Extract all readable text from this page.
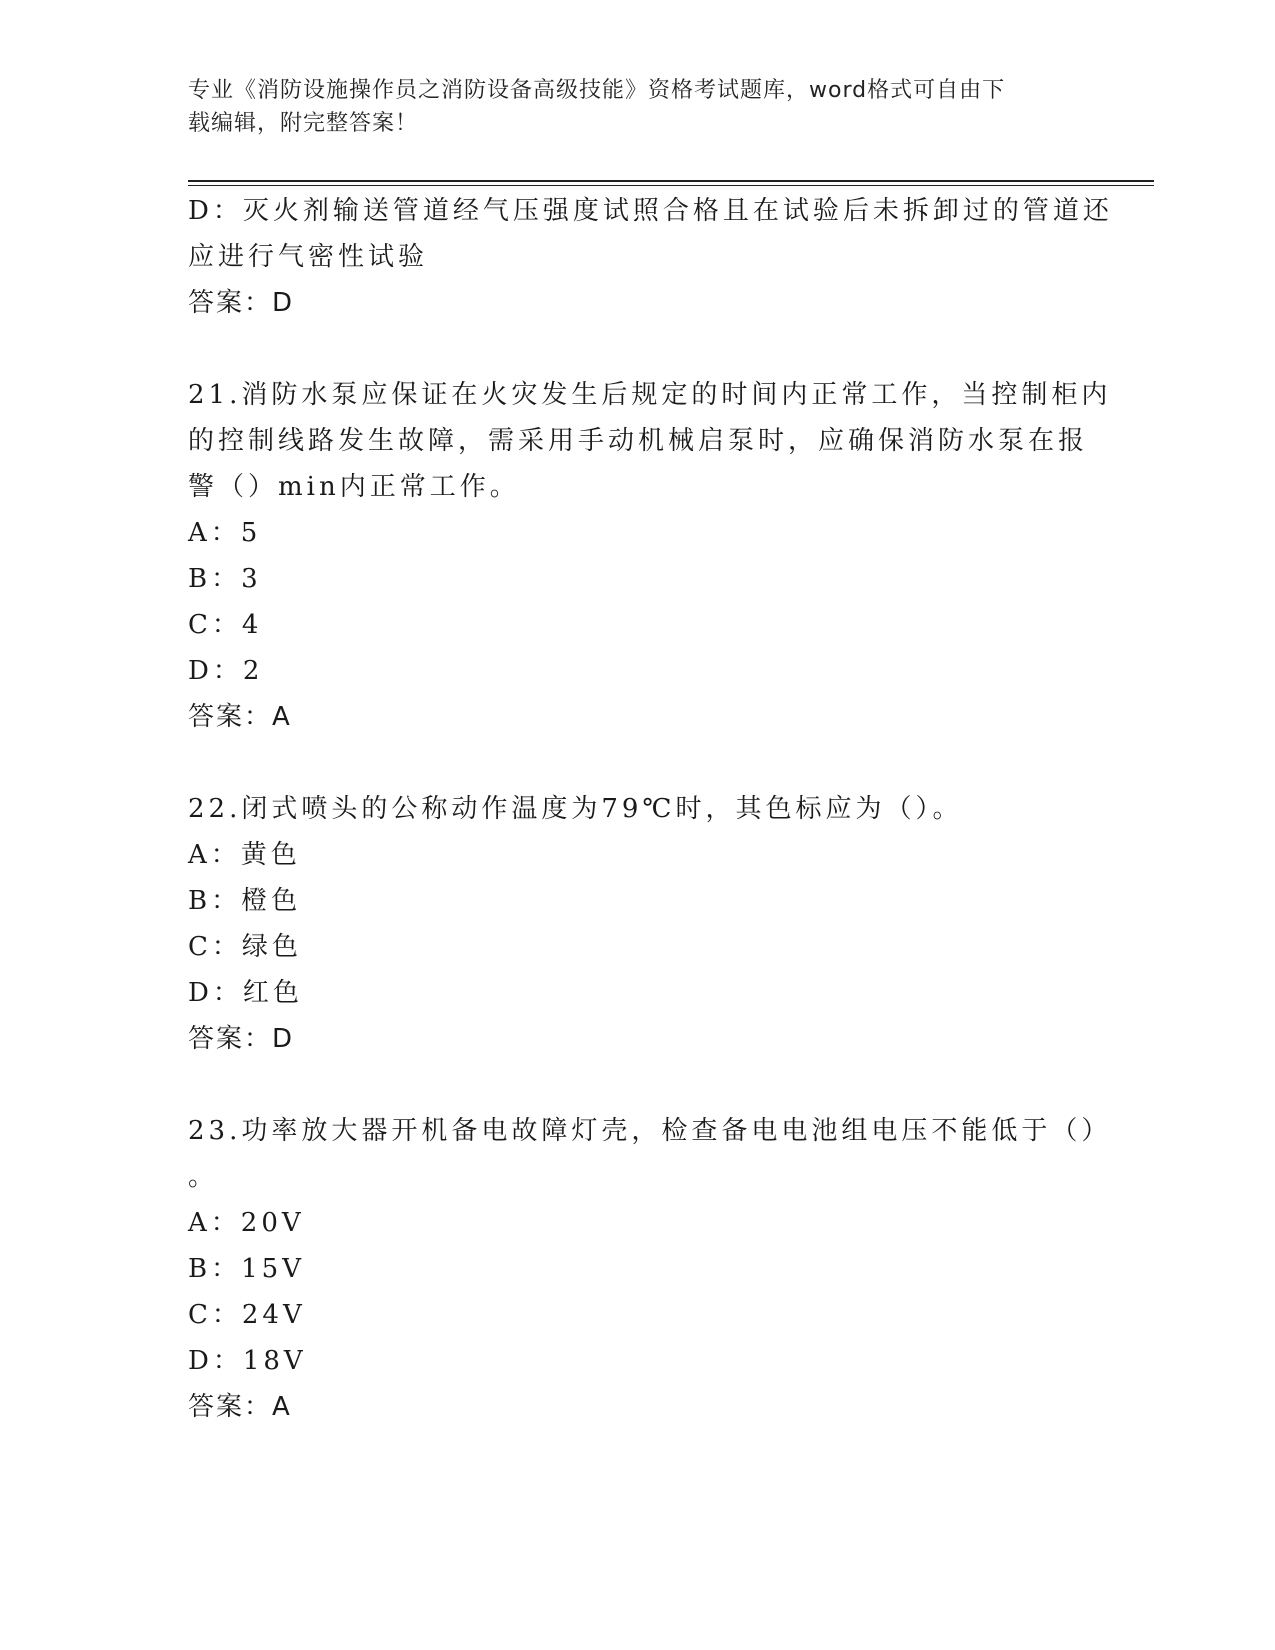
专业《消防设施操作员之消防设备高级技能》资格考试题库，word格式可自由下
载编辑，附完整答案！
D：灭火剂输送管道经气压强度试照合格且在试验后未拆卸过的管道还
应进行气密性试验
答案：D
21.消防水泵应保证在火灾发生后规定的时间内正常工作，当控制柜内
的控制线路发生故障，需采用手动机械启泵时，应确保消防水泵在报
警（）min内正常工作。
A：5
B：3
C：4
D：2
答案：A
22.闭式喷头的公称动作温度为79℃时，其色标应为（）。
A：黄色
B：橙色
C：绿色
D：红色
答案：D
23.功率放大器开机备电故障灯壳，检查备电电池组电压不能低于（）
。
A：20V
B：15V
C：24V
D：18V
答案：A
